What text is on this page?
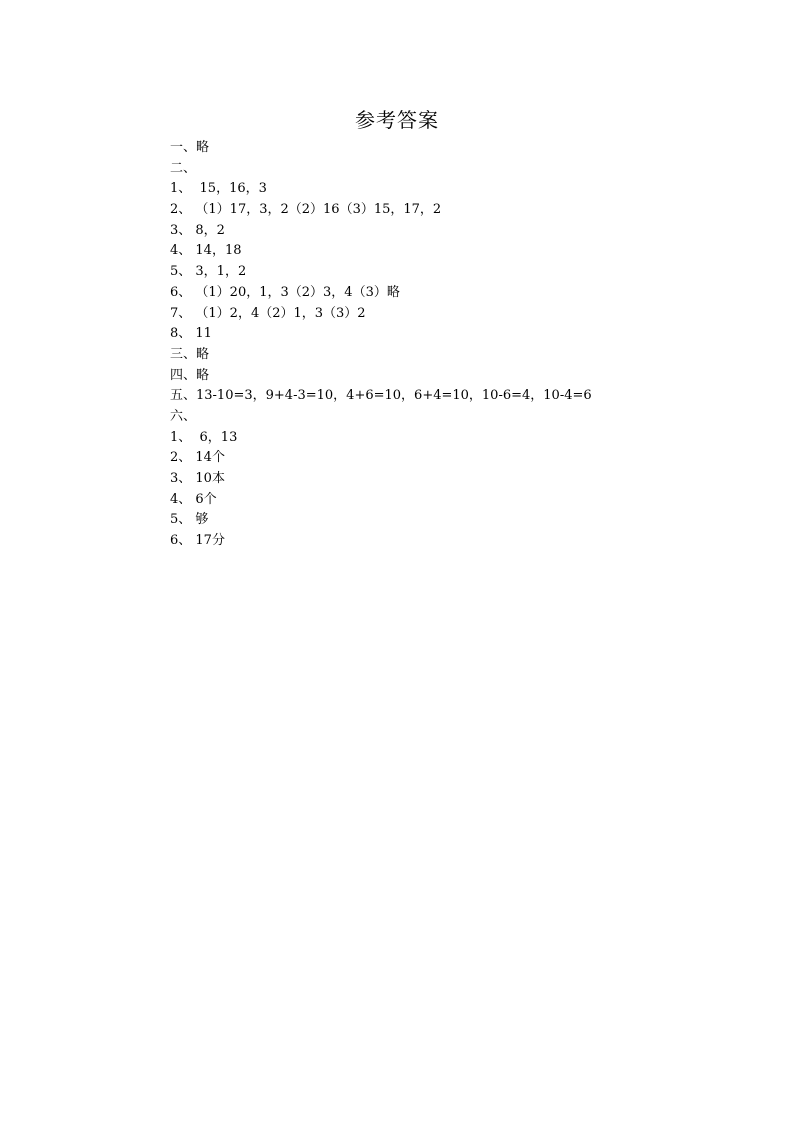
参考答案
一、略
二、
1、  15，16，3
2、 （1）17，3，2（2）16（3）15，17，2
3、 8，2
4、 14，18
5、 3，1，2
6、 （1）20，1，3（2）3，4（3）略
7、 （1）2，4（2）1，3（3）2
8、 11
三、略
四、略
五、13-10=3，9+4-3=10，4+6=10，6+4=10，10-6=4，10-4=6
六、
1、  6，13
2、 14个
3、 10本
4、 6个
5、 够
6、 17分
